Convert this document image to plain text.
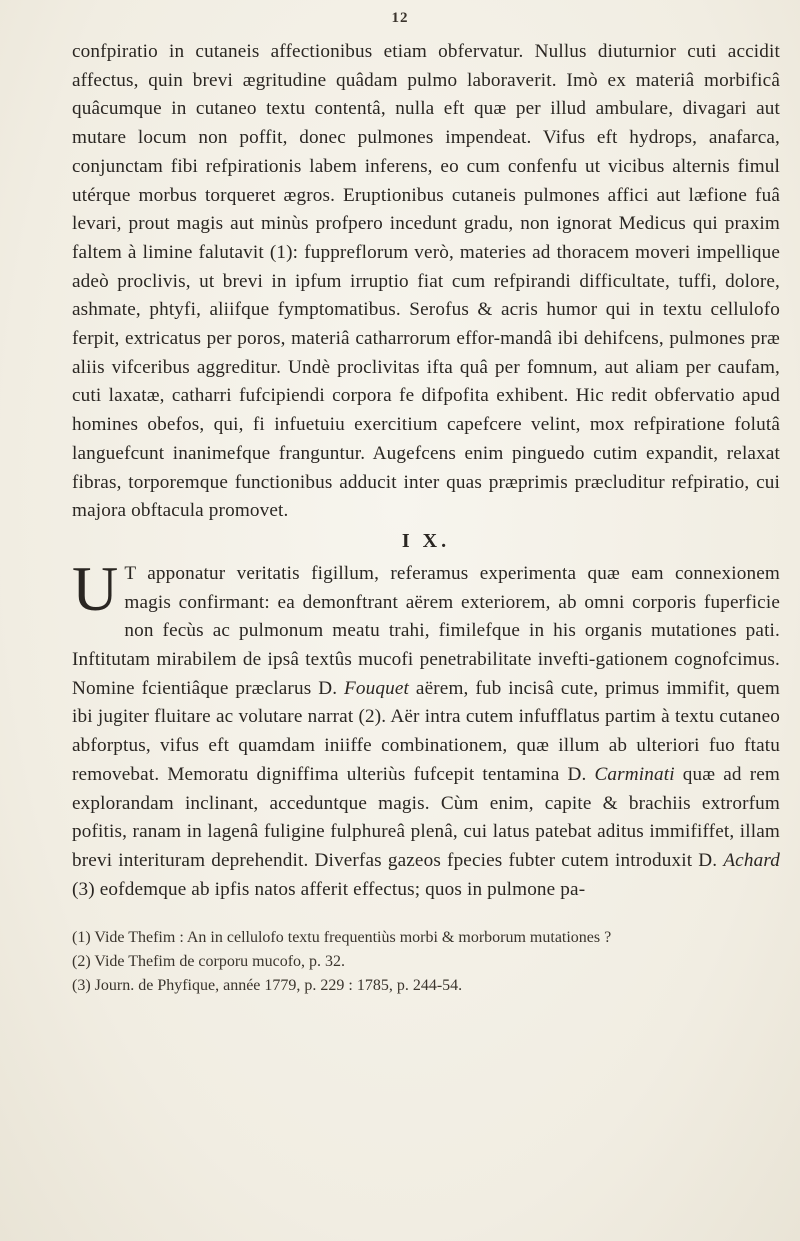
12

confpiratio in cutaneis affectionibus etiam obfervatur. Nullus diuturnior cuti accidit affectus, quin brevi ægritudine quâdam pulmo laboraverit. Imò ex materiâ morbificâ quâcumque in cutaneo textu contentâ, nulla eft quæ per illud ambulare, divagari aut mutare locum non poffit, donec pulmones impendeat. Vifus eft hydrops, anafarca, conjunctam fibi refpirationis labem inferens, eo cum confenfu ut vicibus alternis fimul utérque morbus torqueret ægros. Eruptionibus cutaneis pulmones affici aut læfione fuâ levari, prout magis aut minùs profpero incedunt gradu, non ignorat Medicus qui praxim faltem à limine falutavit (1): fuppreflorum verò, materies ad thoracem moveri impellique adeò proclivis, ut brevi in ipfum irruptio fiat cum refpirandi difficultate, tuffi, dolore, ashmate, phtyfi, aliifque fymptomatibus. Serofus & acris humor qui in textu cellulofo ferpit, extricatus per poros, materiâ catharrorum effor-mandâ ibi dehifcens, pulmones præ aliis vifceribus aggreditur. Undè proclivitas ifta quâ per fomnum, aut aliam per caufam, cuti laxatæ, catharri fufcipiendi corpora fe difpofita exhibent. Hic redit obfervatio apud homines obefos, qui, fi infuetuiu exercitium capefcere velint, mox refpiratione folutâ languefcunt inanimefque franguntur. Augefcens enim pinguedo cutim expandit, relaxat fibras, torporemque functionibus adducit inter quas præprimis præcluditur refpiratio, cui majora obftacula promovet.

I X.

U T apponatur veritatis figillum, referamus experimenta quæ eam connexionem magis confirmant: ea demonftrant aërem exteriorem, ab omni corporis fuperficie non fecùs ac pulmonum meatu trahi, fimilefque in his organis mutationes pati. Inftitutam mirabilem de ipsâ textûs mucofi penetrabilitate invefti-gationem cognofcimus. Nomine fcientiâque præclarus D. Fouquet aërem, fub incisâ cute, primus immifit, quem ibi jugiter fluitare ac volutare narrat (2). Aër intra cutem infufflatus partim à textu cutaneo abforptus, vifus eft quamdam iniiffe combinationem, quæ illum ab ulteriori fuo ftatu removebat. Memoratu digniffima ulteriùs fufcepit tentamina D. Carminati quæ ad rem explorandam inclinant, acceduntque magis. Cùm enim, capite & brachiis extrorfum pofitis, ranam in lagenâ fuligine fulphureâ plenâ, cui latus patebat aditus immififfet, illam brevi interituram deprehendit. Diverfas gazeos fpecies fubter cutem introduxit D. Achard (3) eofdemque ab ipfis natos afferit effectus; quos in pulmone pa-

(1) Vide Thefim : An in cellulofo textu frequentiùs morbi & morborum mutationes ?
(2) Vide Thefim de corporu mucofo, p. 32.
(3) Journ. de Phyfique, année 1779, p. 229 : 1785, p. 244-54.
